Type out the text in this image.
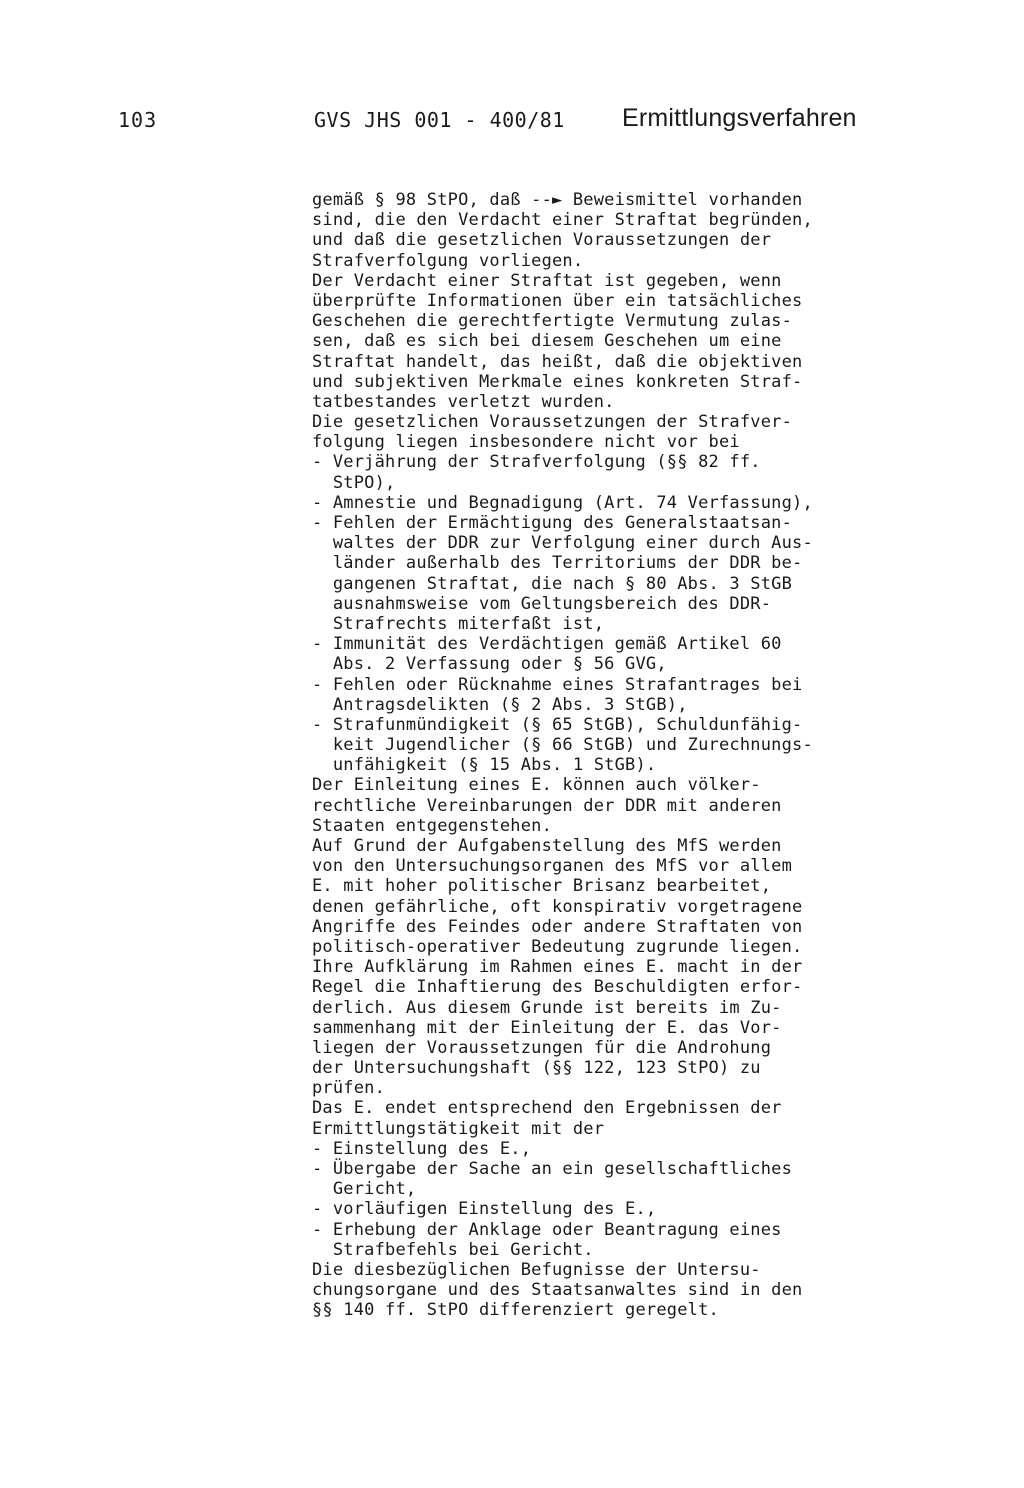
103	GVS JHS 001 - 400/81 Ermittlungsverfahren
gemäß § 98 StPO, daß --► Beweismittel vorhanden
sind, die den Verdacht einer Straftat begründen,
und daß die gesetzlichen Voraussetzungen der
Strafverfolgung vorliegen.
Der Verdacht einer Straftat ist gegeben, wenn
überprüfte Informationen über ein tatsächliches
Geschehen die gerechtfertigte Vermutung zulas-
sen, daß es sich bei diesem Geschehen um eine
Straftat handelt, das heißt, daß die objektiven
und subjektiven Merkmale eines konkreten Straf-
tatbestandes verletzt wurden.
Die gesetzlichen Voraussetzungen der Strafver-
folgung liegen insbesondere nicht vor bei
- Verjährung der Strafverfolgung (§§ 82 ff.
StPO),
- Amnestie und Begnadigung (Art. 74 Verfassung),
- Fehlen der Ermächtigung des Generalstaatsan-
waltes der DDR zur Verfolgung einer durch Aus-
länder außerhalb des Territoriums der DDR be-
gangenen Straftat, die nach § 80 Abs. 3 StGB
ausnahmsweise vom Geltungsbereich des DDR-
Strafrechts miterfaßt ist,
- Immunität des Verdächtigen gemäß Artikel 60
Abs. 2 Verfassung oder § 56 GVG,
- Fehlen oder Rücknahme eines Strafantrages bei
Antragsdelikten (§ 2 Abs. 3 StGB),
- Strafunmündigkeit (§ 65 StGB), Schuldunfähig-
keit Jugendlicher (§ 66 StGB) und Zurechnungs-
unfähigkeit (§ 15 Abs. 1 StGB).
Der Einleitung eines E. können auch völker-
rechtliche Vereinbarungen der DDR mit anderen
Staaten entgegenstehen.
Auf Grund der Aufgabenstellung des MfS werden
von den Untersuchungsorganen des MfS vor allem
E. mit hoher politischer Brisanz bearbeitet,
denen gefährliche, oft konspirativ vorgetragene
Angriffe des Feindes oder andere Straftaten von
politisch-operativer Bedeutung zugrunde liegen.
Ihre Aufklärung im Rahmen eines E. macht in der
Regel die Inhaftierung des Beschuldigten erfor-
derlich. Aus diesem Grunde ist bereits im Zu-
sammenhang mit der Einleitung der E. das Vor-
liegen der Voraussetzungen für die Androhung
der Untersuchungshaft (§§ 122, 123 StPO) zu
prüfen.
Das E. endet entsprechend den Ergebnissen der
Ermittlungstätigkeit mit der
- Einstellung des E.,
- Übergabe der Sache an ein gesellschaftliches
Gericht,
- vorläufigen Einstellung des E.,
- Erhebung der Anklage oder Beantragung eines
Strafbefehls bei Gericht.
Die diesbezüglichen Befugnisse der Untersu-
chungsorgane und des Staatsanwaltes sind in den
§§ 140 ff. StPO differenziert geregelt.
